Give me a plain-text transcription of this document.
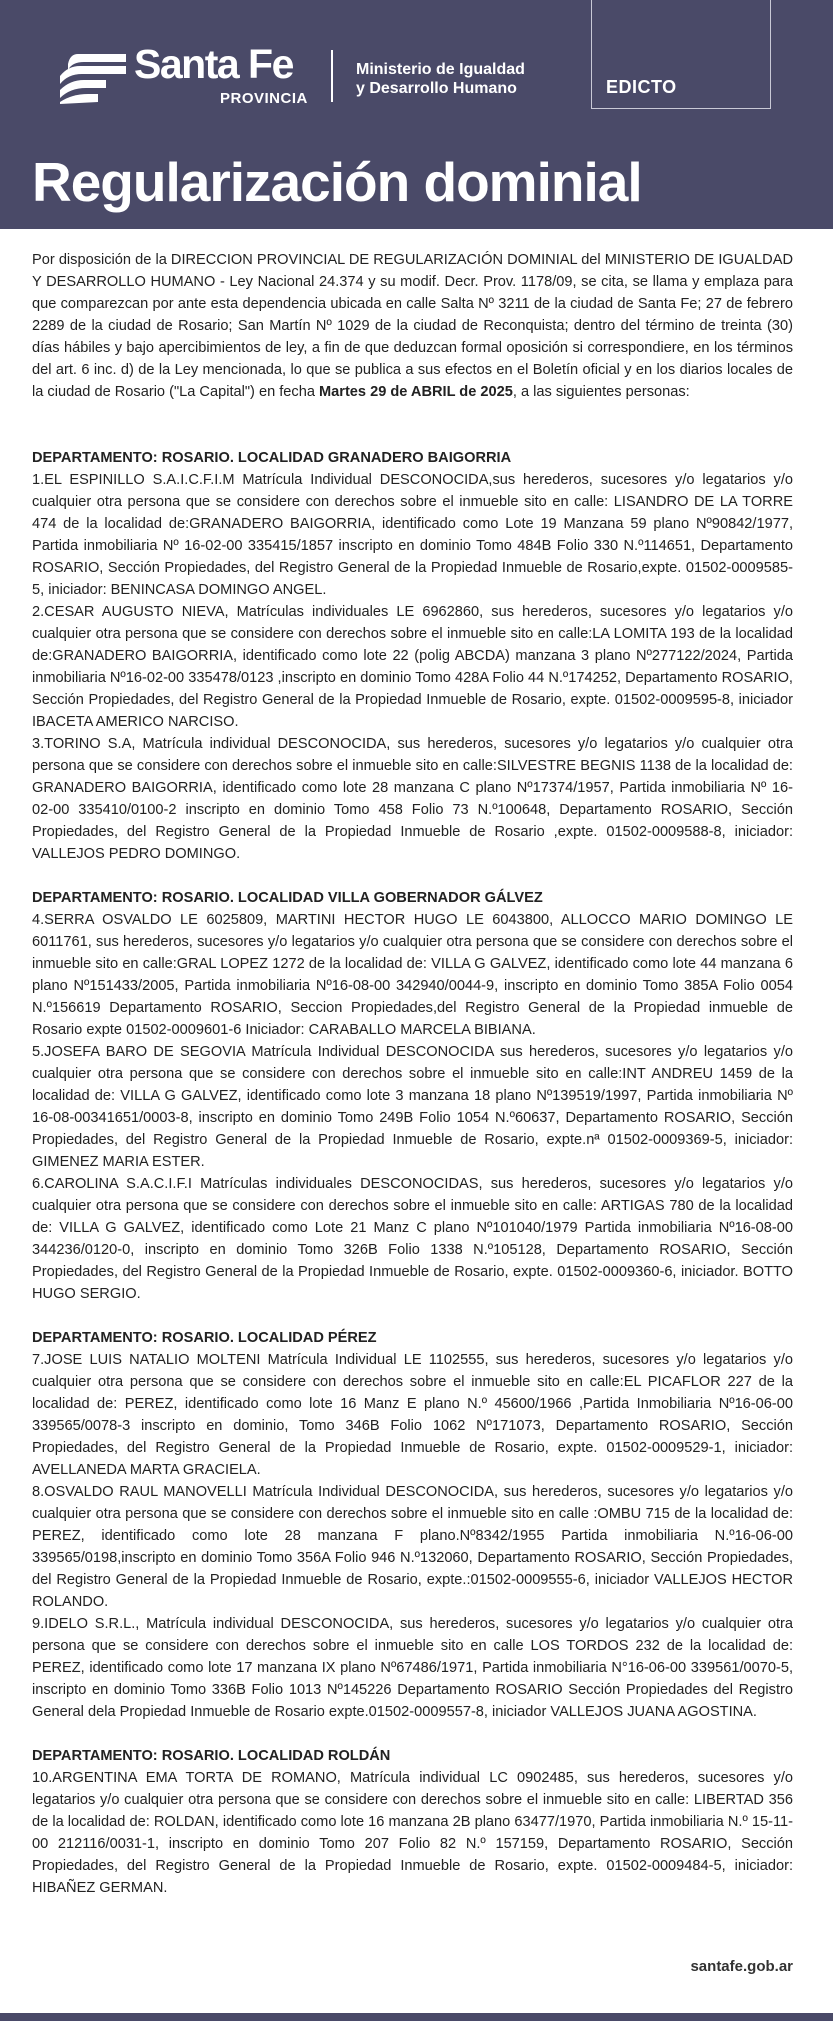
Santa Fe
PROVINCIA
Ministerio de Igualdad
y Desarrollo Humano	EDICTO
Regularización dominial

Por disposición de la DIRECCION PROVINCIAL DE REGULARIZACIÓN DOMINIAL del MINISTERIO DE IGUALDAD Y DESARROLLO HUMANO - Ley Nacional 24.374 y su modif. Decr. Prov. 1178/09, se cita, se llama y emplaza para que comparezcan por ante esta dependencia ubicada en calle Salta Nº 3211 de la ciudad de Santa Fe; 27 de febrero 2289 de la ciudad de Rosario; San Martín Nº 1029 de la ciudad de Reconquista; dentro del término de treinta (30) días hábiles y bajo apercibimientos de ley, a fin de que deduzcan formal oposición si correspondiere, en los términos del art. 6 inc. d) de la Ley mencionada, lo que se publica a sus efectos en el Boletín oficial y en los diarios locales de la ciudad de Rosario ("La Capital") en fecha Martes 29 de ABRIL de 2025, a las siguientes personas:

DEPARTAMENTO: ROSARIO. LOCALIDAD GRANADERO BAIGORRIA

1.EL ESPINILLO S.A.I.C.F.I.M Matrícula Individual DESCONOCIDA,sus herederos, sucesores y/o legatarios y/o cualquier otra persona que se considere con derechos sobre el inmueble sito en calle: LISANDRO DE LA TORRE 474 de la localidad de:GRANADERO BAIGORRIA, identificado como Lote 19 Manzana 59 plano Nº90842/1977, Partida inmobiliaria Nº 16-02-00 335415/1857 inscripto en dominio Tomo 484B Folio 330 N.º114651, Departamento ROSARIO, Sección Propiedades, del Registro General de la Propiedad Inmueble de Rosario,expte. 01502-0009585-5, iniciador: BENINCASA DOMINGO ANGEL.

2.CESAR AUGUSTO NIEVA, Matrículas individuales LE 6962860, sus herederos, sucesores y/o legatarios y/o cualquier otra persona que se considere con derechos sobre el inmueble sito en calle:LA LOMITA 193 de la localidad de:GRANADERO BAIGORRIA, identificado como lote 22 (polig ABCDA) manzana 3 plano Nº277122/2024, Partida inmobiliaria Nº16-02-00 335478/0123 ,inscripto en dominio Tomo 428A Folio 44 N.º174252, Departamento ROSARIO, Sección Propiedades, del Registro General de la Propiedad Inmueble de Rosario, expte. 01502-0009595-8, iniciador IBACETA AMERICO NARCISO.

3.TORINO S.A, Matrícula individual DESCONOCIDA, sus herederos, sucesores y/o legatarios y/o cualquier otra persona que se considere con derechos sobre el inmueble sito en calle:SILVESTRE BEGNIS 1138 de la localidad de: GRANADERO BAIGORRIA, identificado como lote 28 manzana C plano Nº17374/1957, Partida inmobiliaria Nº 16-02-00 335410/0100-2 inscripto en dominio Tomo 458 Folio 73 N.º100648, Departamento ROSARIO, Sección Propiedades, del Registro General de la Propiedad Inmueble de Rosario ,expte. 01502-0009588-8, iniciador: VALLEJOS PEDRO DOMINGO.

DEPARTAMENTO: ROSARIO. LOCALIDAD VILLA GOBERNADOR GÁLVEZ

4.SERRA OSVALDO LE 6025809, MARTINI HECTOR HUGO LE 6043800, ALLOCCO MARIO DOMINGO LE 6011761, sus herederos, sucesores y/o legatarios y/o cualquier otra persona que se considere con derechos sobre el inmueble sito en calle:GRAL LOPEZ 1272 de la localidad de: VILLA G GALVEZ, identificado como lote 44 manzana 6 plano Nº151433/2005, Partida inmobiliaria Nº16-08-00 342940/0044-9, inscripto en dominio Tomo 385A Folio 0054 N.º156619 Departamento ROSARIO, Seccion Propiedades,del Registro General de la Propiedad inmueble de Rosario expte 01502-0009601-6 Iniciador: CARABALLO MARCELA BIBIANA.

5.JOSEFA BARO DE SEGOVIA Matrícula Individual DESCONOCIDA sus herederos, sucesores y/o legatarios y/o cualquier otra persona que se considere con derechos sobre el inmueble sito en calle:INT ANDREU 1459 de la localidad de: VILLA G GALVEZ, identificado como lote 3 manzana 18 plano Nº139519/1997, Partida inmobiliaria Nº 16-08-00341651/0003-8, inscripto en dominio Tomo 249B Folio 1054 N.º60637, Departamento ROSARIO, Sección Propiedades, del Registro General de la Propiedad Inmueble de Rosario, expte.nª 01502-0009369-5, iniciador: GIMENEZ MARIA ESTER.

6.CAROLINA S.A.C.I.F.I Matrículas individuales DESCONOCIDAS, sus herederos, sucesores y/o legatarios y/o cualquier otra persona que se considere con derechos sobre el inmueble sito en calle: ARTIGAS 780 de la localidad de: VILLA G GALVEZ, identificado como Lote 21 Manz C plano Nº101040/1979 Partida inmobiliaria Nº16-08-00 344236/0120-0, inscripto en dominio Tomo 326B Folio 1338 N.º105128, Departamento ROSARIO, Sección Propiedades, del Registro General de la Propiedad Inmueble de Rosario, expte. 01502-0009360-6, iniciador. BOTTO HUGO SERGIO.

DEPARTAMENTO: ROSARIO. LOCALIDAD PÉREZ

7.JOSE LUIS NATALIO MOLTENI Matrícula Individual LE 1102555, sus herederos, sucesores y/o legatarios y/o cualquier otra persona que se considere con derechos sobre el inmueble sito en calle:EL PICAFLOR 227 de la localidad de: PEREZ, identificado como lote 16 Manz E plano N.º 45600/1966 ,Partida Inmobiliaria Nº16-06-00 339565/0078-3 inscripto en dominio, Tomo 346B Folio 1062 Nº171073, Departamento ROSARIO, Sección Propiedades, del Registro General de la Propiedad Inmueble de Rosario, expte. 01502-0009529-1, iniciador: AVELLANEDA MARTA GRACIELA.

8.OSVALDO RAUL MANOVELLI Matrícula Individual DESCONOCIDA, sus herederos, sucesores y/o legatarios y/o cualquier otra persona que se considere con derechos sobre el inmueble sito en calle :OMBU 715 de la localidad de: PEREZ, identificado como lote 28 manzana F plano.Nº8342/1955 Partida inmobiliaria N.º16-06-00 339565/0198,inscripto en dominio Tomo 356A Folio 946 N.º132060, Departamento ROSARIO, Sección Propiedades, del Registro General de la Propiedad Inmueble de Rosario, expte.:01502-0009555-6, iniciador VALLEJOS HECTOR ROLANDO.

9.IDELO S.R.L., Matrícula individual DESCONOCIDA, sus herederos, sucesores y/o legatarios y/o cualquier otra persona que se considere con derechos sobre el inmueble sito en calle LOS TORDOS 232 de la localidad de: PEREZ, identificado como lote 17 manzana IX plano Nº67486/1971, Partida inmobiliaria N°16-06-00 339561/0070-5, inscripto en dominio Tomo 336B Folio 1013 Nº145226 Departamento ROSARIO Sección Propiedades del Registro General dela Propiedad Inmueble de Rosario expte.01502-0009557-8, iniciador VALLEJOS JUANA AGOSTINA.

DEPARTAMENTO: ROSARIO. LOCALIDAD ROLDÁN

10.ARGENTINA EMA TORTA DE ROMANO, Matrícula individual LC 0902485, sus herederos, sucesores y/o legatarios y/o cualquier otra persona que se considere con derechos sobre el inmueble sito en calle: LIBERTAD 356 de la localidad de: ROLDAN, identificado como lote 16 manzana 2B plano 63477/1970, Partida inmobiliaria N.º 15-11-00 212116/0031-1, inscripto en dominio Tomo 207 Folio 82 N.º 157159, Departamento ROSARIO, Sección Propiedades, del Registro General de la Propiedad Inmueble de Rosario, expte. 01502-0009484-5, iniciador: HIBAÑEZ GERMAN.

santafe.gob.ar
